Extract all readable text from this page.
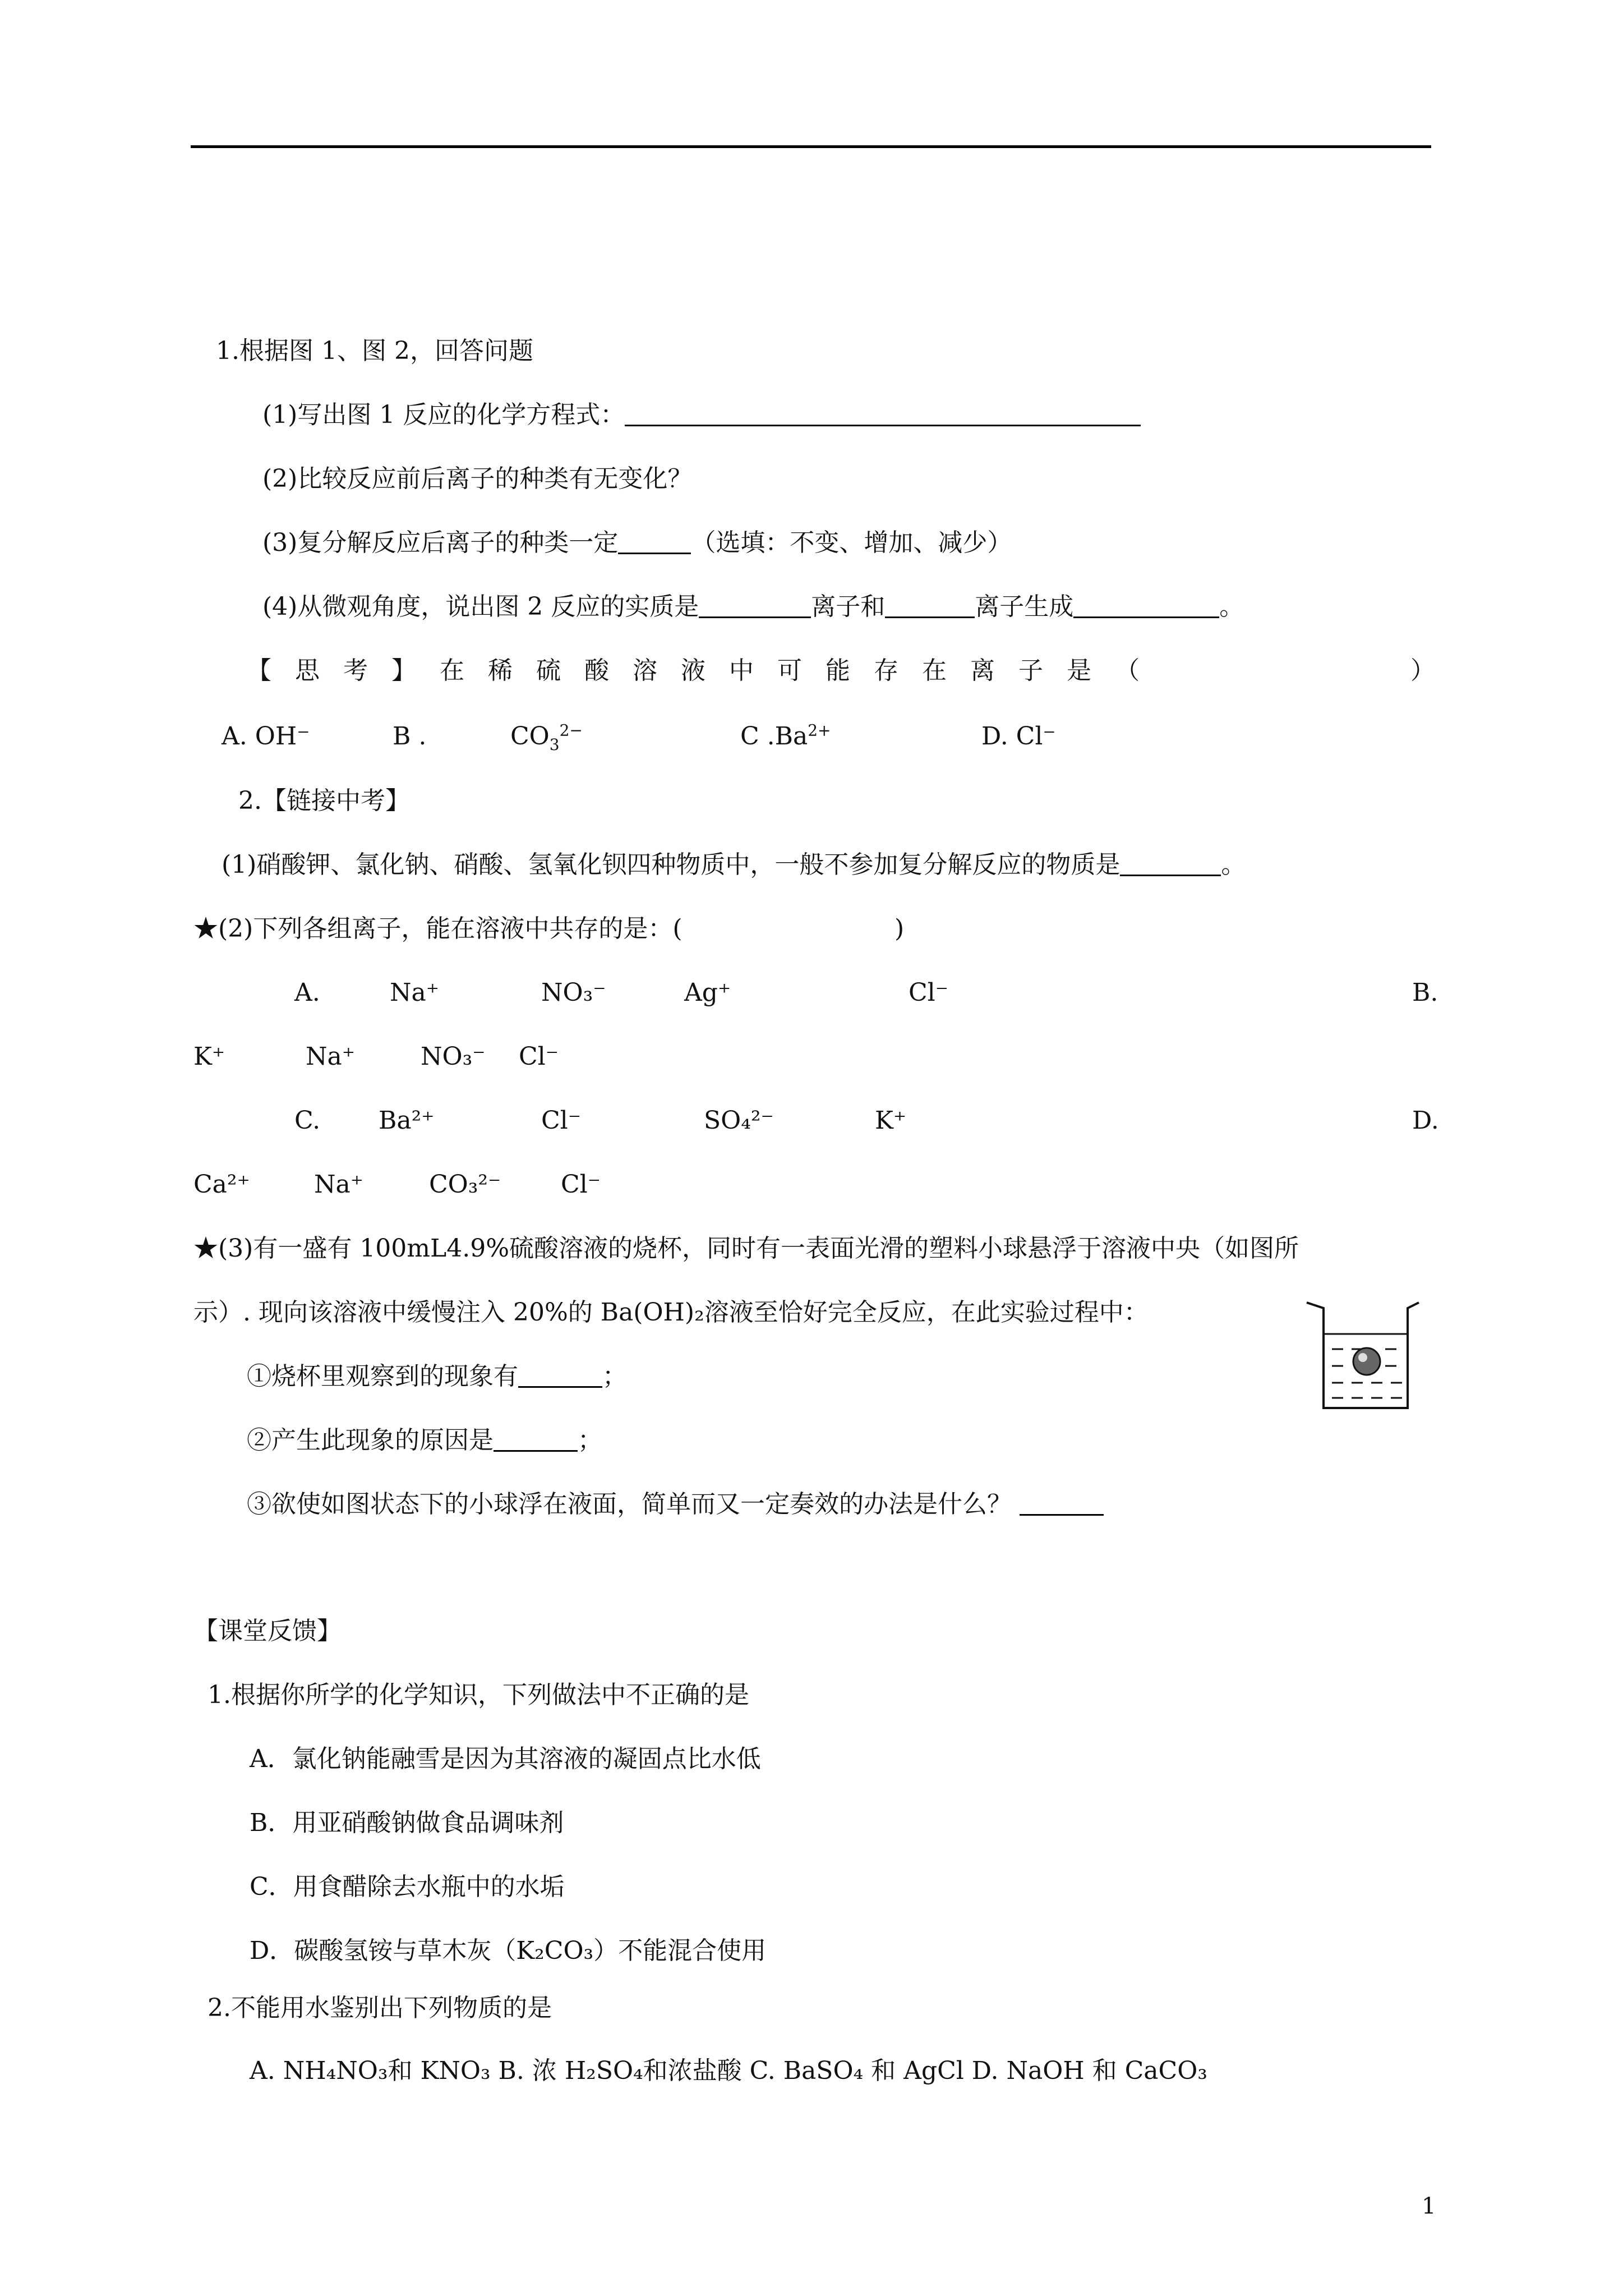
1.根据图 1、图 2，回答问题
(1)写出图 1 反应的化学方程式：
(2)比较反应前后离子的种类有无变化？
(3)复分解反应后离子的种类一定	（选填：不变、增加、减少）
(4)从微观角度，说出图 2 反应的实质是	离子和	离子生成	。
【思考】在稀硫酸溶液中可能存在离子是（	）
A. OH⁻	B .	$CO_3^{2-}$	C $.Ba^{2+}$	D. Cl⁻
2.【链接中考】
(1)硝酸钾、氯化钠、硝酸、氢氧化钡四种物质中，一般不参加复分解反应的物质是	。
★(2)下列各组离子，能在溶液中共存的是：(	)
A.	Na⁺	NO₃⁻	Ag⁺	Cl⁻	B.
K⁺	Na⁺	NO₃⁻ Cl⁻
C. Ba²⁺	Cl⁻	SO₄²⁻	K⁺	D.
Ca²⁺	Na⁺	CO₃²⁻ Cl⁻
★(3)有一盛有 100mL4.9%硫酸溶液的烧杯，同时有一表面光滑的塑料小球悬浮于溶液中央（如图所
示）. 现向该溶液中缓慢注入 20%的 Ba(OH)₂溶液至恰好完全反应，在此实验过程中：
①烧杯里观察到的现象有	；
②产生此现象的原因是	；
③欲使如图状态下的小球浮在液面，简单而又一定奏效的办法是什么？
【课堂反馈】
1.根据你所学的化学知识，下列做法中不正确的是
A．氯化钠能融雪是因为其溶液的凝固点比水低
B．用亚硝酸钠做食品调味剂
C．用食醋除去水瓶中的水垢
D．碳酸氢铵与草木灰（K₂CO₃）不能混合使用
2.不能用水鉴别出下列物质的是
A. NH₄NO₃和 KNO₃ B. 浓 H₂SO₄和浓盐酸 C. BaSO₄ 和 AgCl D. NaOH 和 CaCO₃
1
